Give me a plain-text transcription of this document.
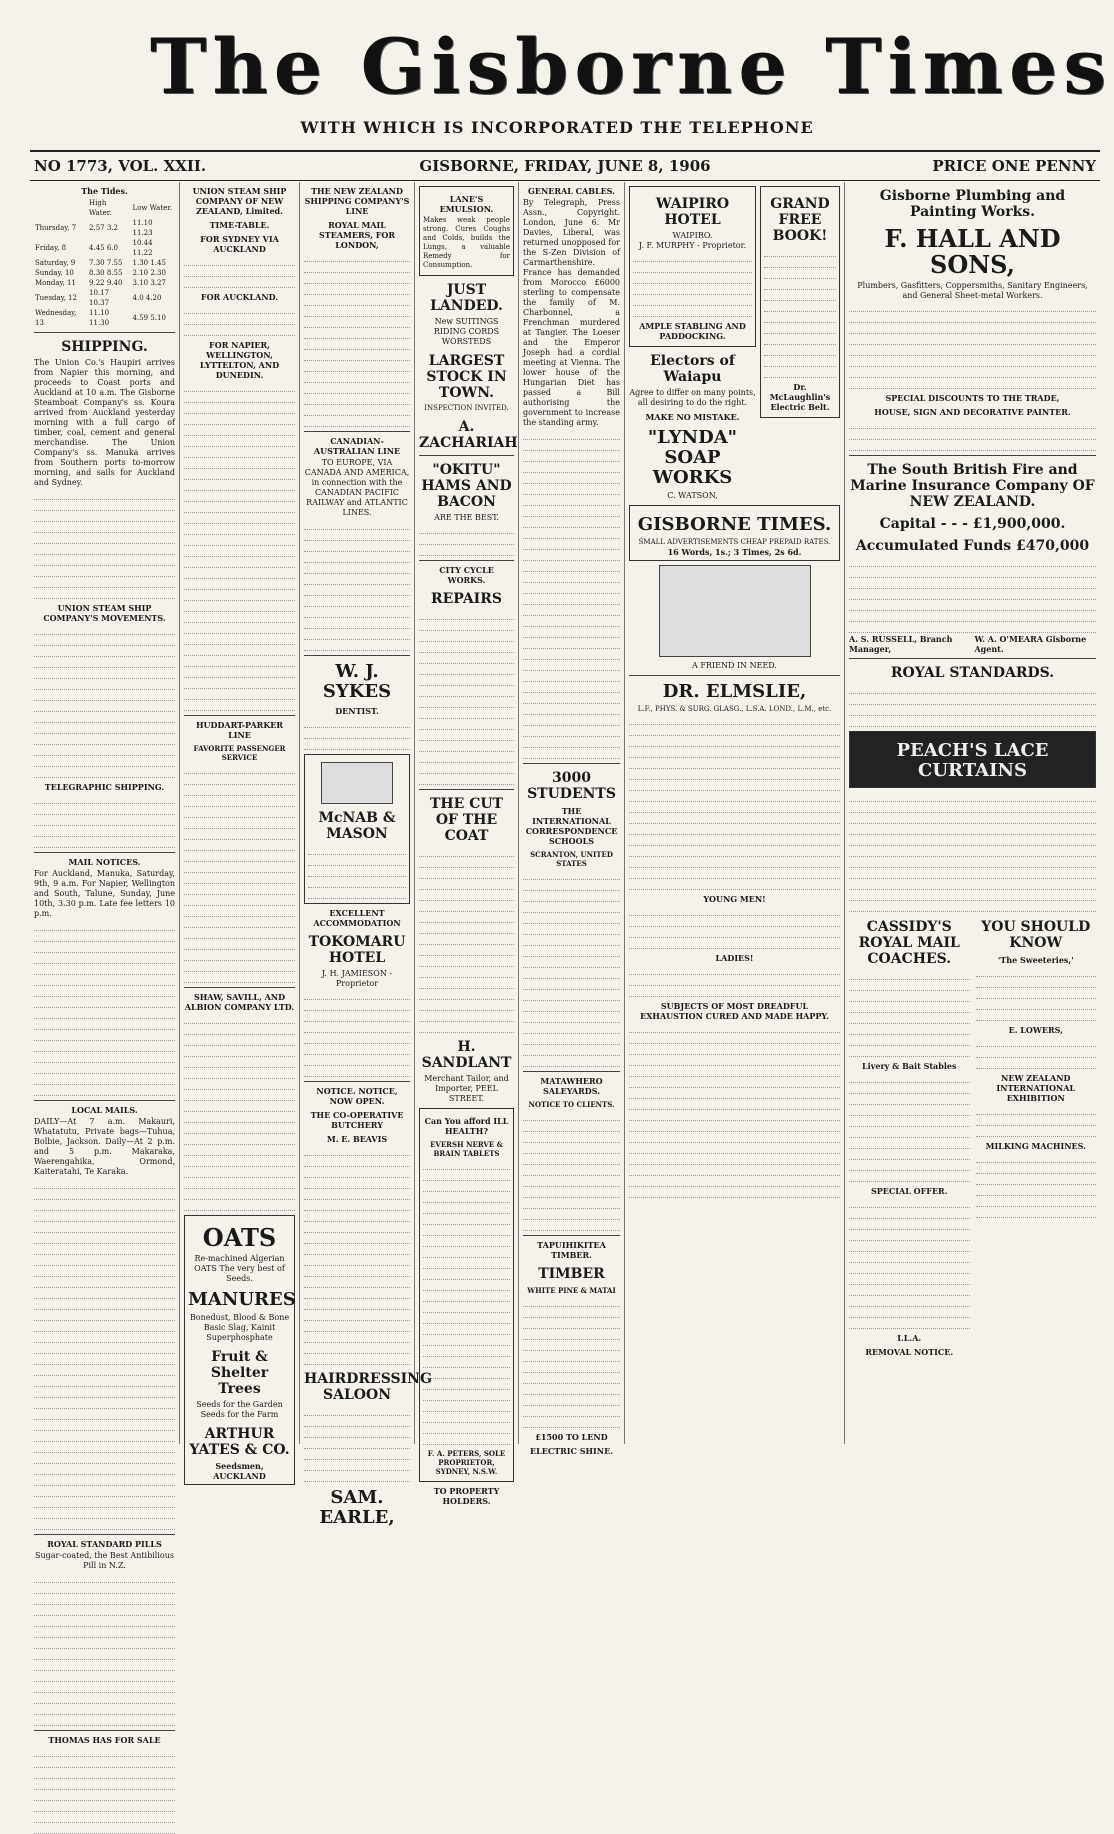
The Gisborne Times
WITH WHICH IS INCORPORATED THE TELEPHONE
NO 1773, VOL. XXII.	GISBORNE, FRIDAY, JUNE 8, 1906	PRICE ONE PENNY
The Tides.
	High Water.	Low Water.
Thursday, 7	2.57 3.2	11.10 11.23
Friday, 8	4.45 6.0	10.44 11.22
Saturday, 9	7.30 7.55	1.30 1.45
Sunday, 10	8.30 8.55	2.10 2.30
Monday, 11	9.22 9.40	3.10 3.27
Tuesday, 12	10.17 10.37	4.0 4.20
Wednesday, 13	11.10 11.30	4.59 5.10
SHIPPING.
The Union Co.'s Haupiri arrives from Napier this morning, and proceeds to Coast ports and Auckland at 10 a.m. The Gisborne Steamboat Company's ss. Koura arrived from Auckland yesterday morning with a full cargo of timber, coal, cement and general merchandise. The Union Company's ss. Manuka arrives from Southern ports to-morrow morning, and sails for Auckland and Sydney.
UNION STEAM SHIP COMPANY'S MOVEMENTS.
TELEGRAPHIC SHIPPING.
MAIL NOTICES.
For Auckland, Manuka, Saturday, 9th, 9 a.m. For Napier, Wellington and South, Talune, Sunday, June 10th, 3.30 p.m. Late fee letters 10 p.m.
LOCAL MAILS.
DAILY—At 7 a.m. Makauri, Whatatutu, Private bags—Tuhua, Bolbie, Jackson. Daily—At 2 p.m. and 5 p.m. Makaraka, Waerengahika, Ormond, Kaiteratahi, Te Karaka.
ROYAL STANDARD PILLS
Sugar-coated, the Best Antibilious Pill in N.Z.
THOMAS HAS FOR SALE
UNION STEAM SHIP COMPANY OF NEW ZEALAND, Limited.
TIME-TABLE.
FOR SYDNEY VIA AUCKLAND
FOR AUCKLAND.
FOR NAPIER, WELLINGTON, LYTTELTON, AND DUNEDIN.
HUDDART-PARKER LINE
FAVORITE PASSENGER SERVICE
SHAW, SAVILL, AND ALBION COMPANY LTD.
OATS
Re-machined Algerian OATS The very best of Seeds.
MANURES
Bonedust, Blood & Bone Basic Slag, Kainit Superphosphate
Fruit & Shelter Trees
Seeds for the Garden Seeds for the Farm
ARTHUR YATES & CO.
Seedsmen, AUCKLAND
THE NEW ZEALAND SHIPPING COMPANY'S LINE
ROYAL MAIL STEAMERS, FOR LONDON,
CANADIAN-AUSTRALIAN LINE
TO EUROPE, VIA CANADA AND AMERICA, in connection with the CANADIAN PACIFIC RAILWAY and ATLANTIC LINES.
W. J. SYKES
DENTIST.
McNAB & MASON
EXCELLENT ACCOMMODATION
TOKOMARU HOTEL
J. H. JAMIESON - Proprietor
NOTICE. NOTICE, NOW OPEN.
THE CO-OPERATIVE BUTCHERY
M. E. BEAVIS
HAIRDRESSING SALOON
SAM. EARLE,
LANE'S EMULSION.
Makes weak people strong. Cures Coughs and Colds, builds the Lungs, a valuable Remedy for Consumption.
JUST LANDED.
New SUITINGS RIDING CORDS WORSTEDS
LARGEST STOCK IN TOWN.
INSPECTION INVITED.
A. ZACHARIAH
"OKITU" HAMS AND BACON
ARE THE BEST.
CITY CYCLE WORKS.
REPAIRS
THE CUT OF THE COAT
H. SANDLANT
Merchant Tailor, and Importer, PEEL STREET.
Can You afford ILL HEALTH?
EVERSH NERVE & BRAIN TABLETS
F. A. PETERS, SOLE PROPRIETOR, SYDNEY, N.S.W.
TO PROPERTY HOLDERS.
GENERAL CABLES.
By Telegraph, Press Assn., Copyright. London, June 6. Mr Davies, Liberal, was returned unopposed for the S-Zen Division of Carmarthenshire. France has demanded from Morocco £6000 sterling to compensate the family of M. Charbonnel, a Frenchman murdered at Tangier. The Loeser and the Emperor Joseph had a cordial meeting at Vienna. The lower house of the Hungarian Diet has passed a Bill authorising the government to increase the standing army.
3000 STUDENTS
THE INTERNATIONAL CORRESPONDENCE SCHOOLS
SCRANTON, UNITED STATES
MATAWHERO SALEYARDS.
NOTICE TO CLIENTS.
TAPUIHIKITEA TIMBER.
TIMBER
WHITE PINE & MATAI
£1500 TO LEND
ELECTRIC SHINE.
WAIPIRO HOTEL
WAIPIRO.
J. F. MURPHY - Proprietor.
AMPLE STABLING AND PADDOCKING.
Electors of Waiapu
Agree to differ on many points, all desiring to do the right.
MAKE NO MISTAKE.
"LYNDA" SOAP WORKS
C. WATSON,
GRAND FREE BOOK!
Dr. McLaughlin's Electric Belt.
GISBORNE TIMES.
SMALL ADVERTISEMENTS CHEAP PREPAID RATES.
16 Words, 1s.; 3 Times, 2s 6d.
A FRIEND IN NEED.
DR. ELMSLIE,
L.F., PHYS. & SURG. GLASG., L.S.A. LOND., L.M., etc.
YOUNG MEN!
LADIES!
SUBJECTS OF MOST DREADFUL EXHAUSTION CURED AND MADE HAPPY.
Gisborne Plumbing and Painting Works.
F. HALL AND SONS,
Plumbers, Gasfitters, Coppersmiths, Sanitary Engineers, and General Sheet-metal Workers.
SPECIAL DISCOUNTS TO THE TRADE,
HOUSE, SIGN AND DECORATIVE PAINTER.
The South British Fire and Marine Insurance Company OF NEW ZEALAND.
Capital - - - £1,900,000.
Accumulated Funds £470,000
A. S. RUSSELL, Branch Manager,
W. A. O'MEARA Gisborne Agent.
ROYAL STANDARDS.
PEACH'S LACE CURTAINS
CASSIDY'S ROYAL MAIL COACHES.
Livery & Bait Stables
SPECIAL OFFER.
I.L.A.
REMOVAL NOTICE.
YOU SHOULD KNOW
'The Sweeteries,'
E. LOWERS,
NEW ZEALAND INTERNATIONAL EXHIBITION
MILKING MACHINES.
